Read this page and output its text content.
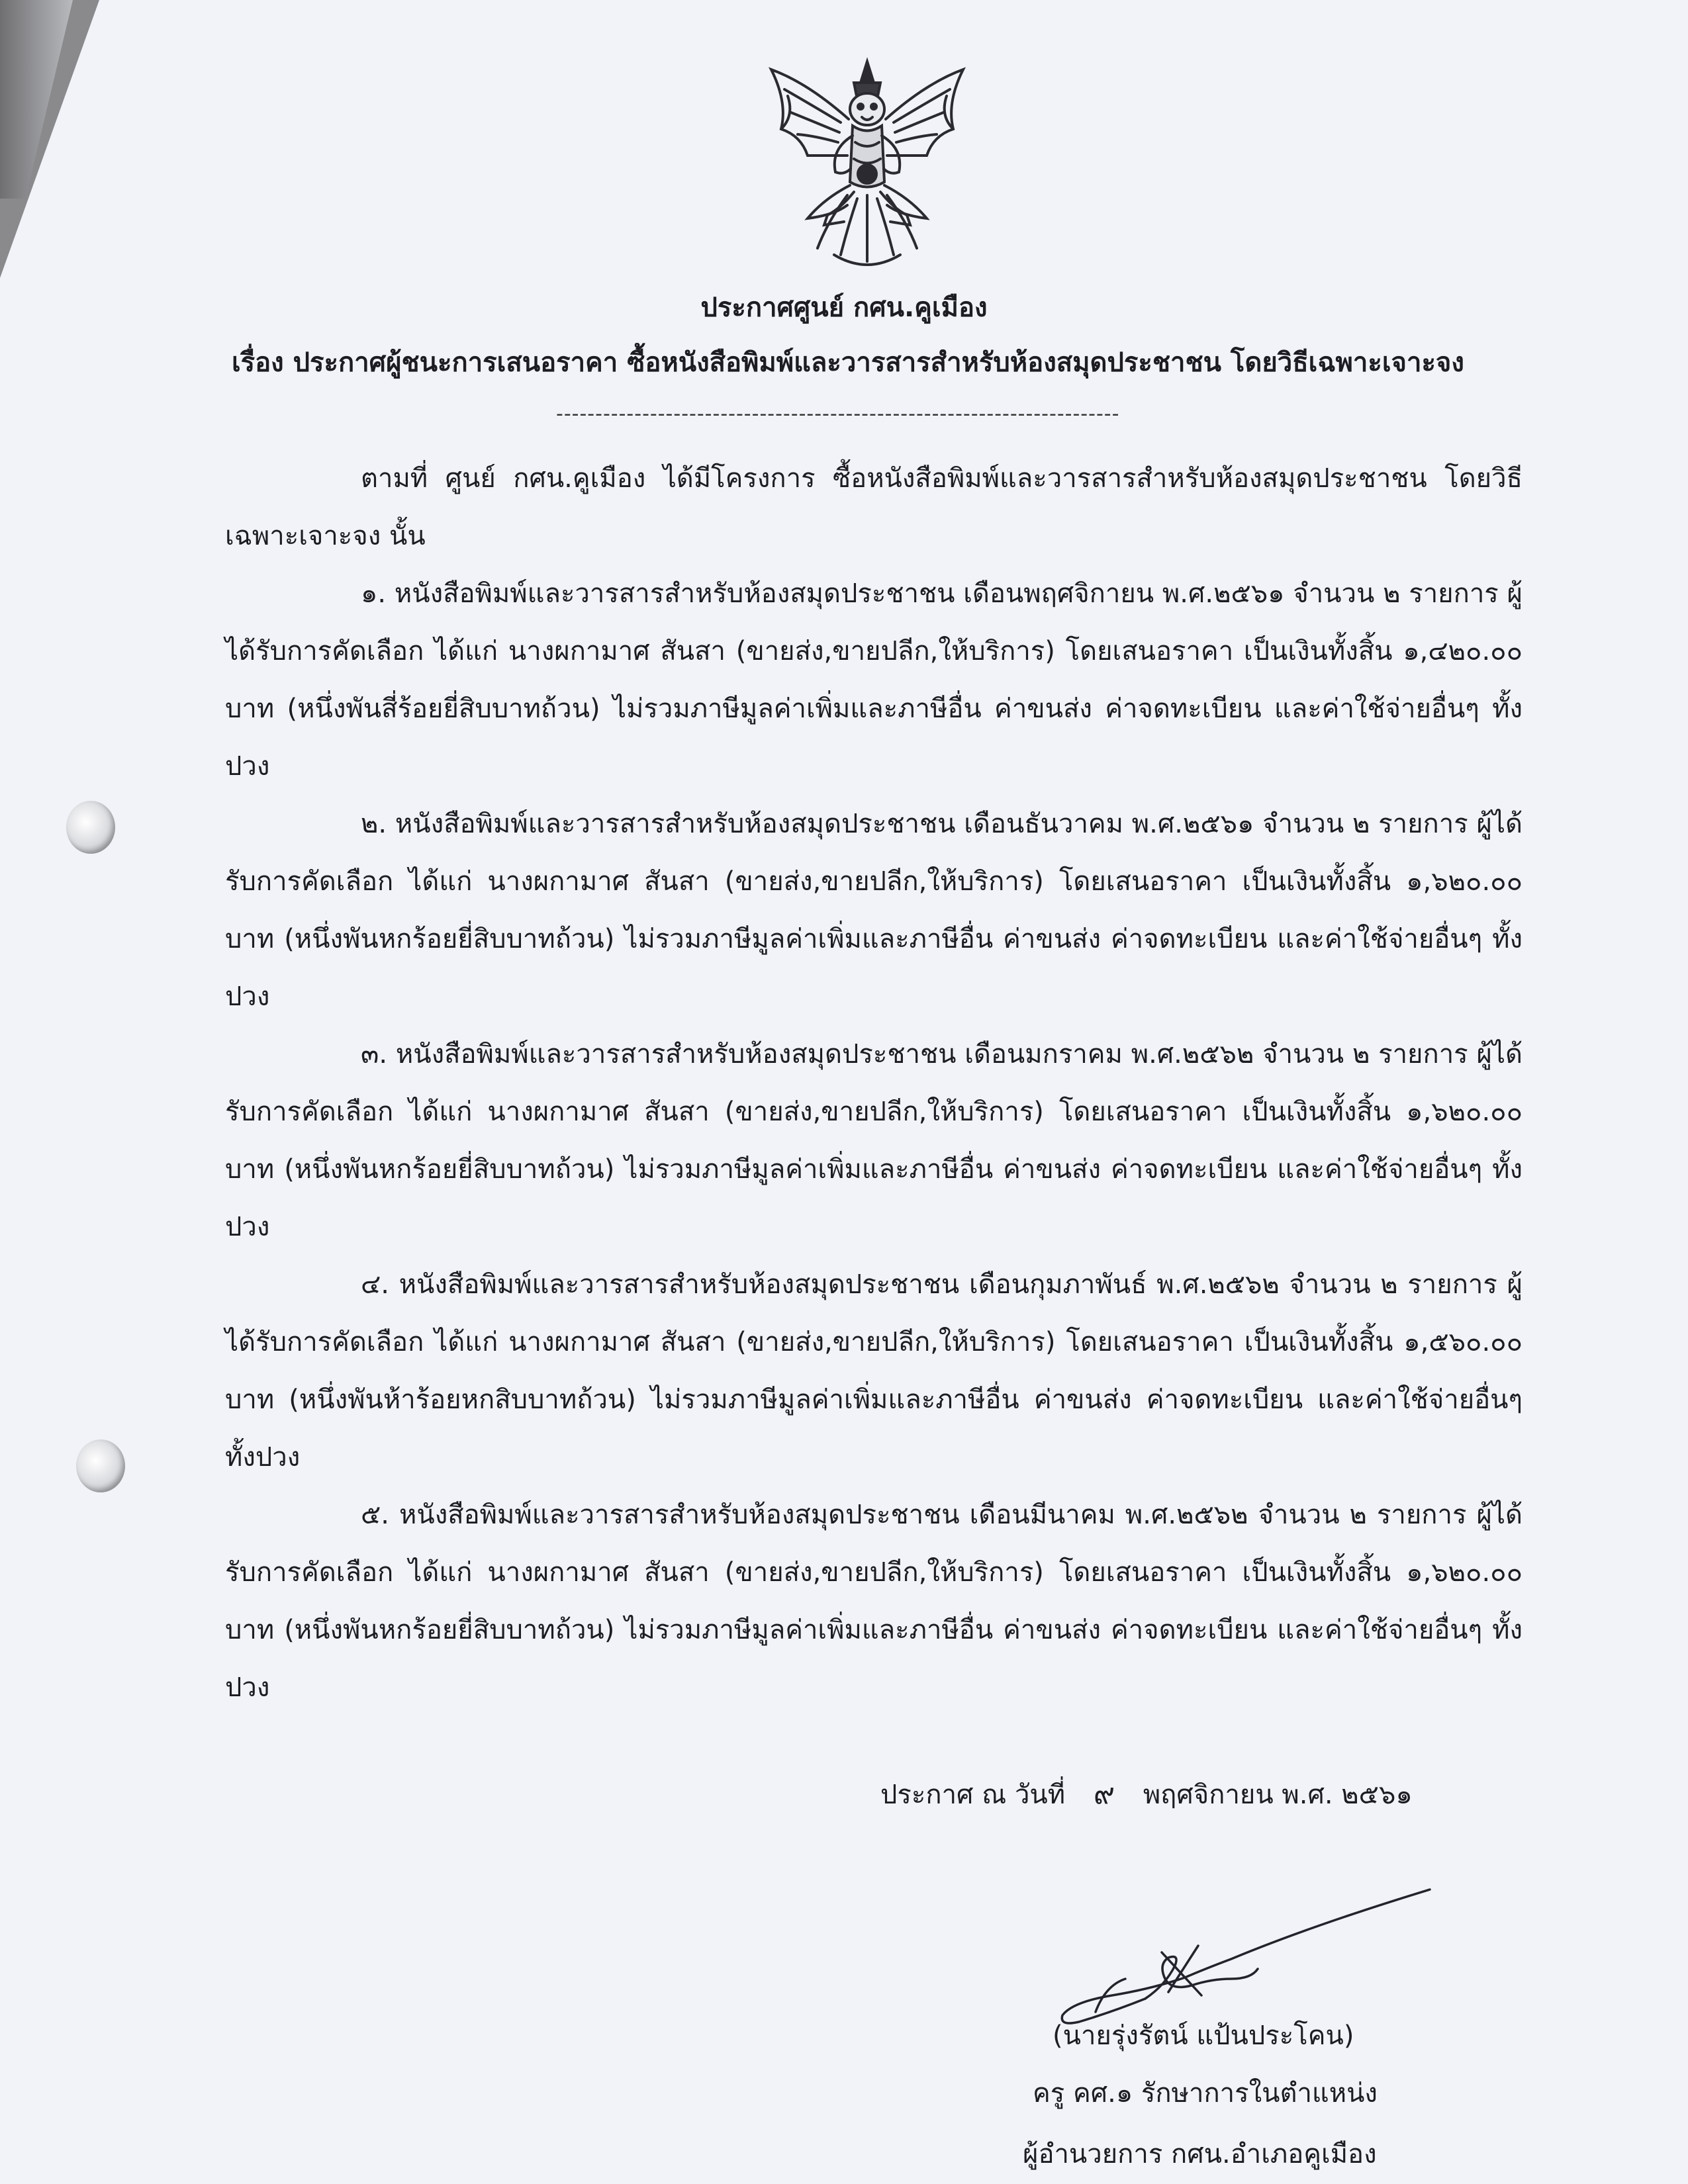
ประกาศศูนย์ กศน.คูเมือง
เรื่อง ประกาศผู้ชนะการเสนอราคา ซื้อหนังสือพิมพ์และวารสารสำหรับห้องสมุดประชาชน โดยวิธีเฉพาะเจาะจง
------------------------------------------------------------------------

ตามที่ ศูนย์ กศน.คูเมือง ได้มีโครงการ ซื้อหนังสือพิมพ์และวารสารสำหรับห้องสมุดประชาชน โดยวิธีเฉพาะเจาะจง นั้น

๑. หนังสือพิมพ์และวารสารสำหรับห้องสมุดประชาชน เดือนพฤศจิกายน พ.ศ.๒๕๖๑ จำนวน ๒ รายการ ผู้ได้รับการคัดเลือก ได้แก่ นางผกามาศ สันสา (ขายส่ง,ขายปลีก,ให้บริการ) โดยเสนอราคา เป็นเงินทั้งสิ้น ๑,๔๒๐.๐๐ บาท (หนึ่งพันสี่ร้อยยี่สิบบาทถ้วน) ไม่รวมภาษีมูลค่าเพิ่มและภาษีอื่น ค่าขนส่ง ค่าจดทะเบียน และค่าใช้จ่ายอื่นๆ ทั้งปวง

๒. หนังสือพิมพ์และวารสารสำหรับห้องสมุดประชาชน เดือนธันวาคม พ.ศ.๒๕๖๑ จำนวน ๒ รายการ ผู้ได้รับการคัดเลือก ได้แก่ นางผกามาศ สันสา (ขายส่ง,ขายปลีก,ให้บริการ) โดยเสนอราคา เป็นเงินทั้งสิ้น ๑,๖๒๐.๐๐ บาท (หนึ่งพันหกร้อยยี่สิบบาทถ้วน) ไม่รวมภาษีมูลค่าเพิ่มและภาษีอื่น ค่าขนส่ง ค่าจดทะเบียน และค่าใช้จ่ายอื่นๆ ทั้งปวง

๓. หนังสือพิมพ์และวารสารสำหรับห้องสมุดประชาชน เดือนมกราคม พ.ศ.๒๕๖๒ จำนวน ๒ รายการ ผู้ได้รับการคัดเลือก ได้แก่ นางผกามาศ สันสา (ขายส่ง,ขายปลีก,ให้บริการ) โดยเสนอราคา เป็นเงินทั้งสิ้น ๑,๖๒๐.๐๐ บาท (หนึ่งพันหกร้อยยี่สิบบาทถ้วน) ไม่รวมภาษีมูลค่าเพิ่มและภาษีอื่น ค่าขนส่ง ค่าจดทะเบียน และค่าใช้จ่ายอื่นๆ ทั้งปวง

๔. หนังสือพิมพ์และวารสารสำหรับห้องสมุดประชาชน เดือนกุมภาพันธ์ พ.ศ.๒๕๖๒ จำนวน ๒ รายการ ผู้ได้รับการคัดเลือก ได้แก่ นางผกามาศ สันสา (ขายส่ง,ขายปลีก,ให้บริการ) โดยเสนอราคา เป็นเงินทั้งสิ้น ๑,๕๖๐.๐๐ บาท (หนึ่งพันห้าร้อยหกสิบบาทถ้วน) ไม่รวมภาษีมูลค่าเพิ่มและภาษีอื่น ค่าขนส่ง ค่าจดทะเบียน และค่าใช้จ่ายอื่นๆ ทั้งปวง

๕. หนังสือพิมพ์และวารสารสำหรับห้องสมุดประชาชน เดือนมีนาคม พ.ศ.๒๕๖๒ จำนวน ๒ รายการ ผู้ได้รับการคัดเลือก ได้แก่ นางผกามาศ สันสา (ขายส่ง,ขายปลีก,ให้บริการ) โดยเสนอราคา เป็นเงินทั้งสิ้น ๑,๖๒๐.๐๐ บาท (หนึ่งพันหกร้อยยี่สิบบาทถ้วน) ไม่รวมภาษีมูลค่าเพิ่มและภาษีอื่น ค่าขนส่ง ค่าจดทะเบียน และค่าใช้จ่ายอื่นๆ ทั้งปวง

ประกาศ ณ วันที่ ๙ พฤศจิกายน พ.ศ. ๒๕๖๑
(นายรุ่งรัตน์ แป้นประโคน)
ครู คศ.๑ รักษาการในตำแหน่ง
ผู้อำนวยการ กศน.อำเภอคูเมือง
